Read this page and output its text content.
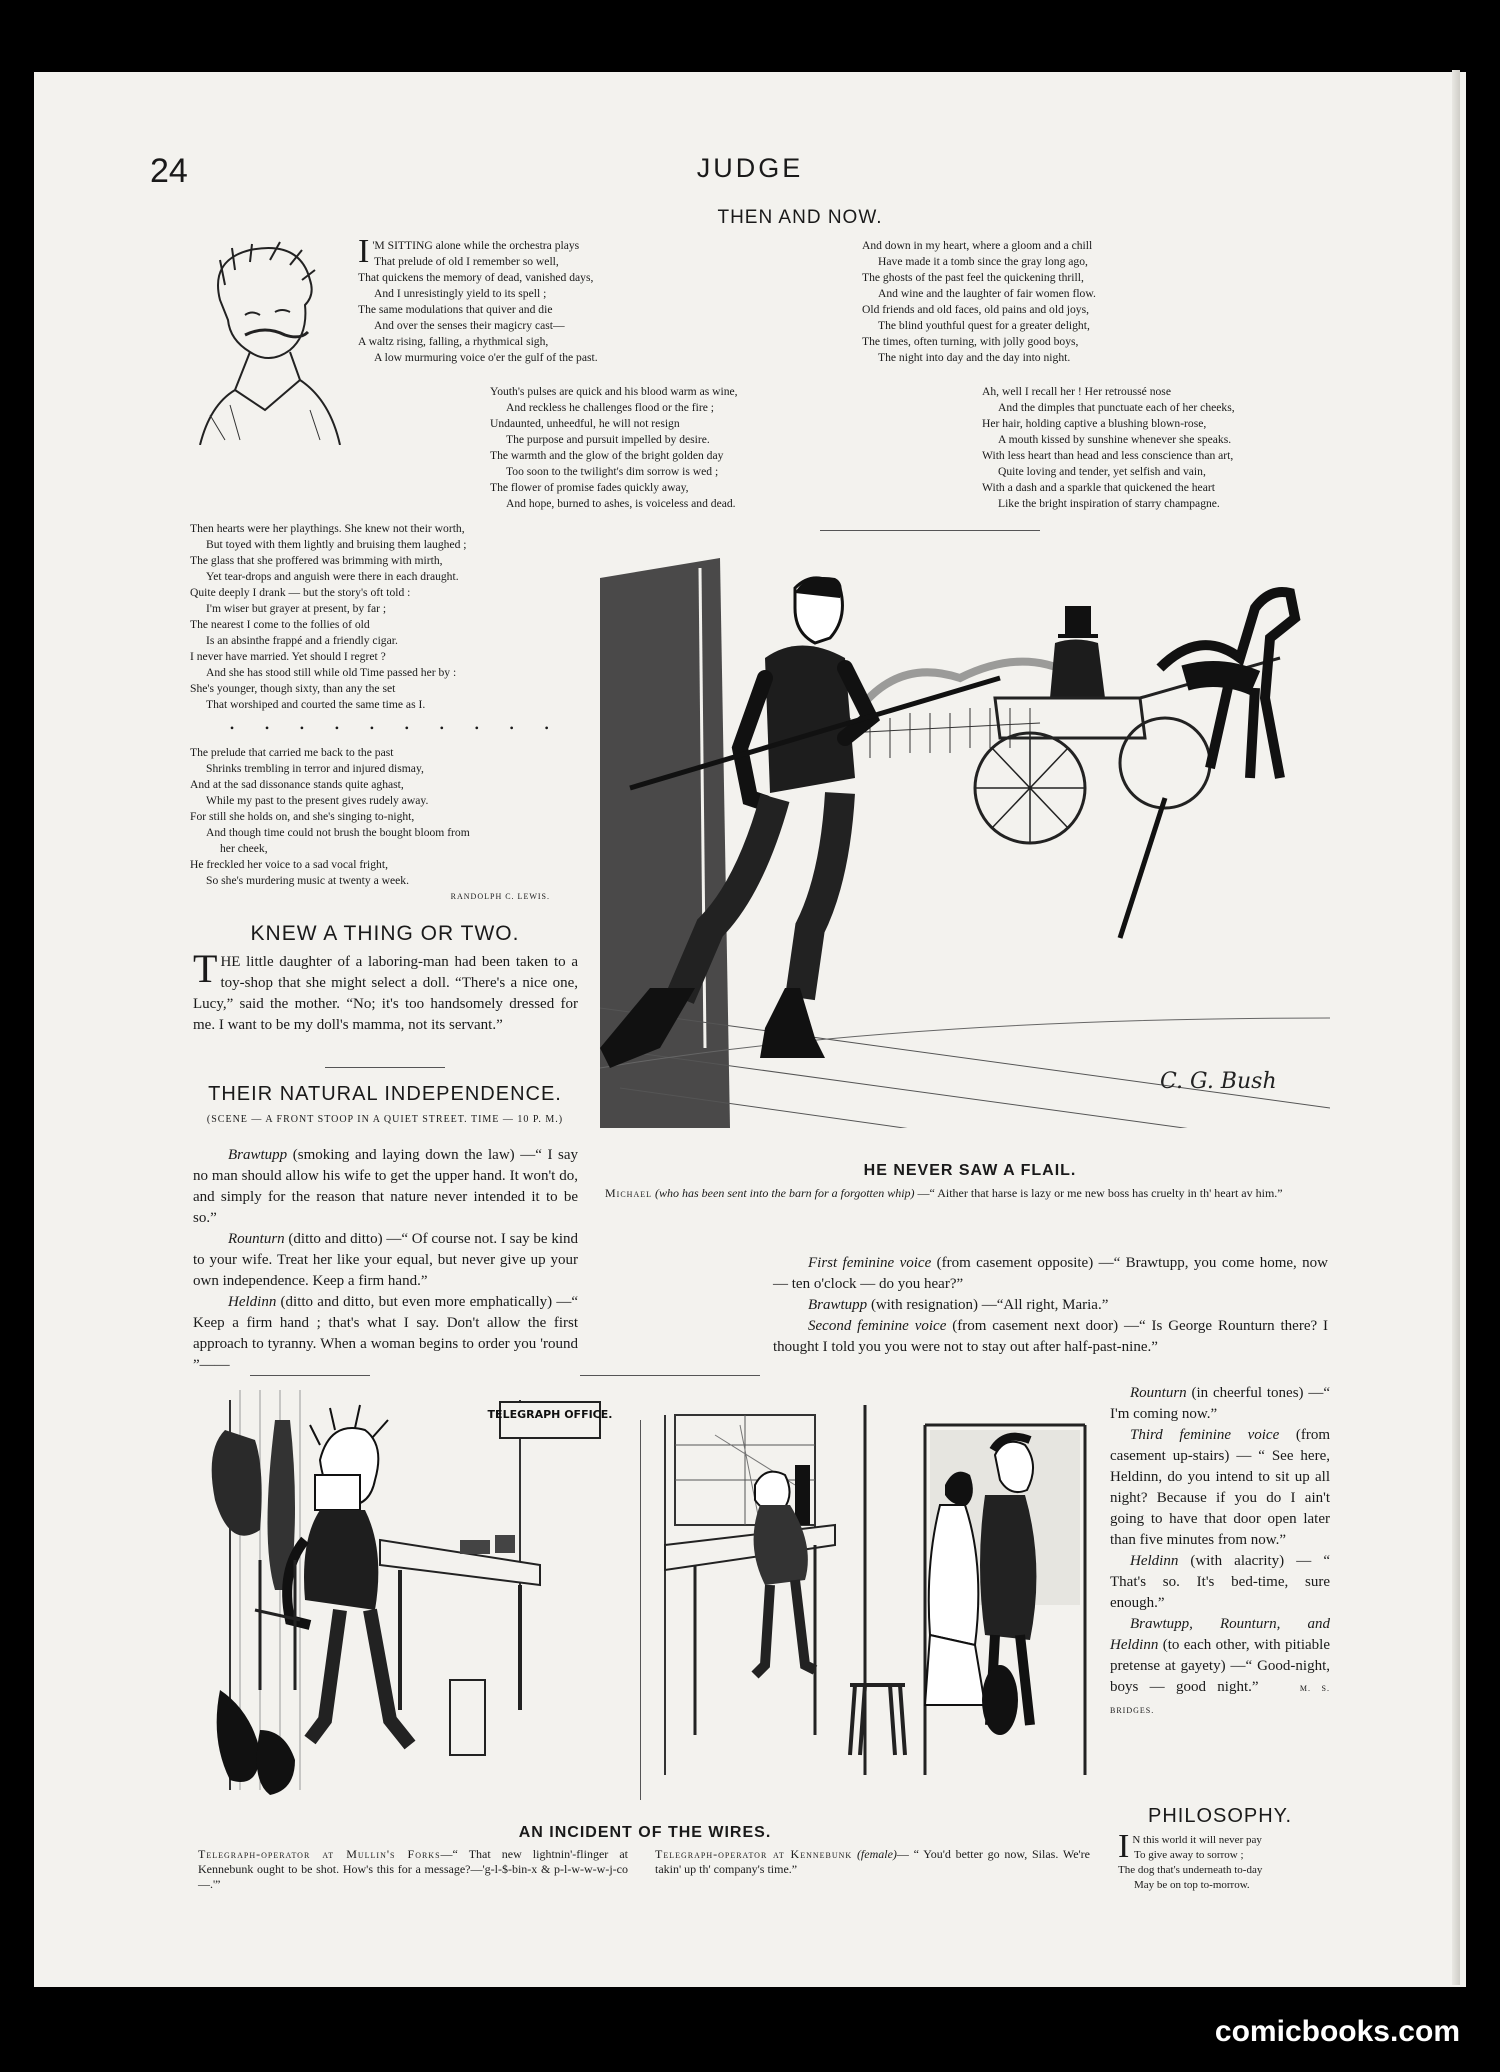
24	JUDGE
THEN AND NOW.
I 'M SITTING alone while the orchestra plays
That prelude of old I remember so well,
That quickens the memory of dead, vanished days,
And I unresistingly yield to its spell ;
The same modulations that quiver and die
And over the senses their magicry cast—
A waltz rising, falling, a rhythmical sigh,
A low murmuring voice o'er the gulf of the past.
And down in my heart, where a gloom and a chill
Have made it a tomb since the gray long ago,
The ghosts of the past feel the quickening thrill,
And wine and the laughter of fair women flow.
Old friends and old faces, old pains and old joys,
The blind youthful quest for a greater delight,
The times, often turning, with jolly good boys,
The night into day and the day into night.
Youth's pulses are quick and his blood warm as wine,
And reckless he challenges flood or the fire ;
Undaunted, unheedful, he will not resign
The purpose and pursuit impelled by desire.
The warmth and the glow of the bright golden day
Too soon to the twilight's dim sorrow is wed ;
The flower of promise fades quickly away,
And hope, burned to ashes, is voiceless and dead.
Ah, well I recall her ! Her retroussé nose
And the dimples that punctuate each of her cheeks,
Her hair, holding captive a blushing blown-rose,
A mouth kissed by sunshine whenever she speaks.
With less heart than head and less conscience than art,
Quite loving and tender, yet selfish and vain,
With a dash and a sparkle that quickened the heart
Like the bright inspiration of starry champagne.
Then hearts were her playthings. She knew not their worth,
But toyed with them lightly and bruising them laughed ;
The glass that she proffered was brimming with mirth,
Yet tear-drops and anguish were there in each draught.
Quite deeply I drank — but the story's oft told :
I'm wiser but grayer at present, by far ;
The nearest I come to the follies of old
Is an absinthe frappé and a friendly cigar.
I never have married. Yet should I regret ?
And she has stood still while old Time passed her by :
She's younger, though sixty, than any the set
That worshiped and courted the same time as I.
• • • • • • • • • •
The prelude that carried me back to the past
Shrinks trembling in terror and injured dismay,
And at the sad dissonance stands quite aghast,
While my past to the present gives rudely away.
For still she holds on, and she's singing to-night,
And though time could not brush the bought bloom from
her cheek,
He freckled her voice to a sad vocal fright,
So she's murdering music at twenty a week.
RANDOLPH C. LEWIS.
C. G. Bush
HE NEVER SAW A FLAIL.
Michael (who has been sent into the barn for a forgotten whip) —“ Aither that harse is lazy or me new boss has cruelty in th' heart av him.”
KNEW A THING OR TWO.
THE little daughter of a laboring-man had been taken to a toy-shop that she might select a doll. “There's a nice one, Lucy,” said the mother. “No; it's too handsomely dressed for me. I want to be my doll's mamma, not its servant.”
THEIR NATURAL INDEPENDENCE.
(SCENE — A FRONT STOOP IN A QUIET STREET. TIME — 10 P. M.)

Brawtupp (smoking and laying down the law) —“ I say no man should allow his wife to get the upper hand. It won't do, and simply for the reason that nature never intended it to be so.”

Rounturn (ditto and ditto) —“ Of course not. I say be kind to your wife. Treat her like your equal, but never give up your own independence. Keep a firm hand.”

Heldinn (ditto and ditto, but even more emphatically) —“ Keep a firm hand ; that's what I say. Don't allow the first approach to tyranny. When a woman begins to order you 'round ”——

First feminine voice (from casement opposite) —“ Brawtupp, you come home, now — ten o'clock — do you hear?”

Brawtupp (with resignation) —“All right, Maria.”

Second feminine voice (from casement next door) —“ Is George Rounturn there? I thought I told you you were not to stay out after half-past-nine.”

Rounturn (in cheerful tones) —“ I'm coming now.”

Third feminine voice (from casement up-stairs) — “ See here, Heldinn, do you intend to sit up all night? Because if you do I ain't going to have that door open later than five minutes from now.”

Heldinn (with alacrity) — “ That's so. It's bed-time, sure enough.”

Brawtupp, Rounturn, and Heldinn (to each other, with pitiable pretense at gayety) —“ Good-night, boys — good night.”	M. S. BRIDGES.

TELEGRAPH OFFICE.
AN INCIDENT OF THE WIRES.
Telegraph-operator at Mullin's Forks—“ That new lightnin'-flinger at Kennebunk ought to be shot. How's this for a message?—'g-l-$-bin-x & p-l-w-w-w-j-co—.'”
Telegraph-operator at Kennebunk (female)— “ You'd better go now, Silas. We're takin' up th' company's time.”
PHILOSOPHY.
I N this world it will never pay
To give away to sorrow ;
The dog that's underneath to-day
May be on top to-morrow.
comicbooks.com
